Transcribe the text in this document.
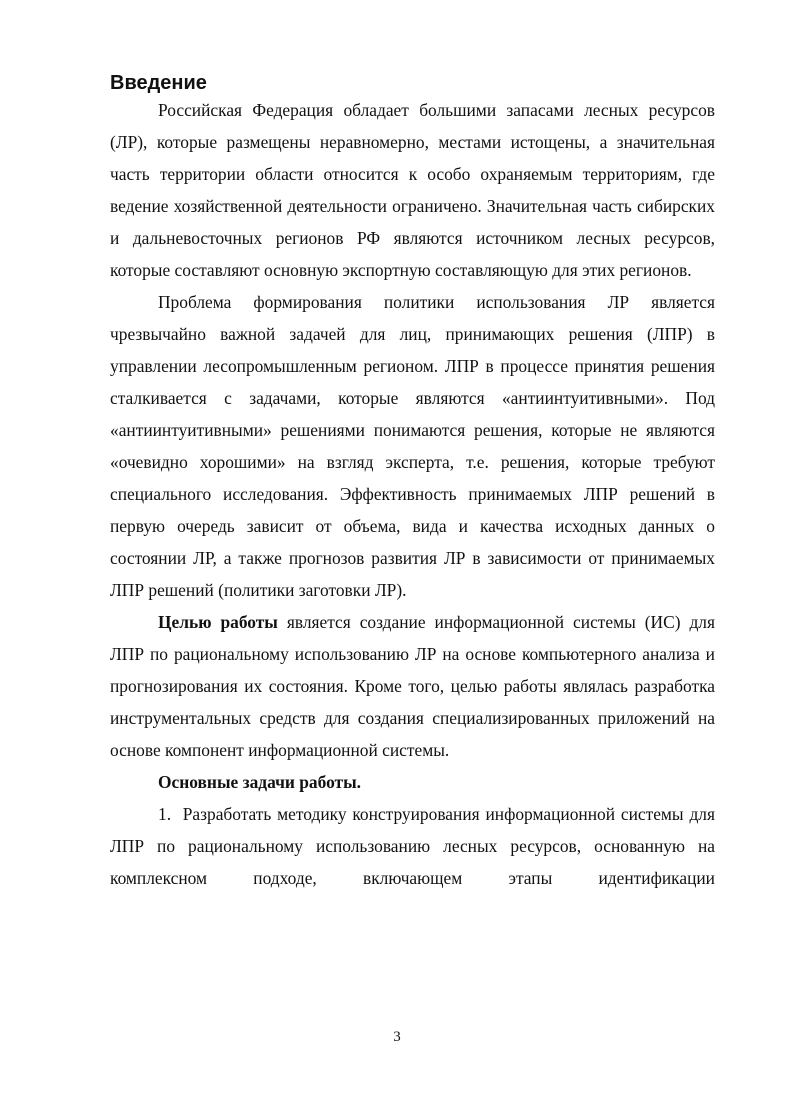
Введение

Российская Федерация обладает большими запасами лесных ресурсов (ЛР), которые размещены неравномерно, местами истощены, а значительная часть территории области относится к особо охраняемым территориям, где ведение хозяйственной деятельности ограничено. Значительная часть сибирских и дальневосточных регионов РФ являются источником лесных ресурсов, которые составляют основную экспортную составляющую для этих регионов.

Проблема формирования политики использования ЛР является чрезвычайно важной задачей для лиц, принимающих решения (ЛПР) в управлении лесопромышленным регионом. ЛПР в процессе принятия решения сталкивается с задачами, которые являются «антиинтуитивными». Под «антиинтуитивными» решениями понимаются решения, которые не являются «очевидно хорошими» на взгляд эксперта, т.е. решения, которые требуют специального исследования. Эффективность принимаемых ЛПР решений в первую очередь зависит от объема, вида и качества исходных данных о состоянии ЛР, а также прогнозов развития ЛР в зависимости от принимаемых ЛПР решений (политики заготовки ЛР).

Целью работы является создание информационной системы (ИС) для ЛПР по рациональному использованию ЛР на основе компьютерного анализа и прогнозирования их состояния. Кроме того, целью работы являлась разработка инструментальных средств для создания специализированных приложений на основе компонент информационной системы.

Основные задачи работы.

1. Разработать методику конструирования информационной системы для ЛПР по рациональному использованию лесных ресурсов, основанную на комплексном подходе, включающем этапы идентификации

3
